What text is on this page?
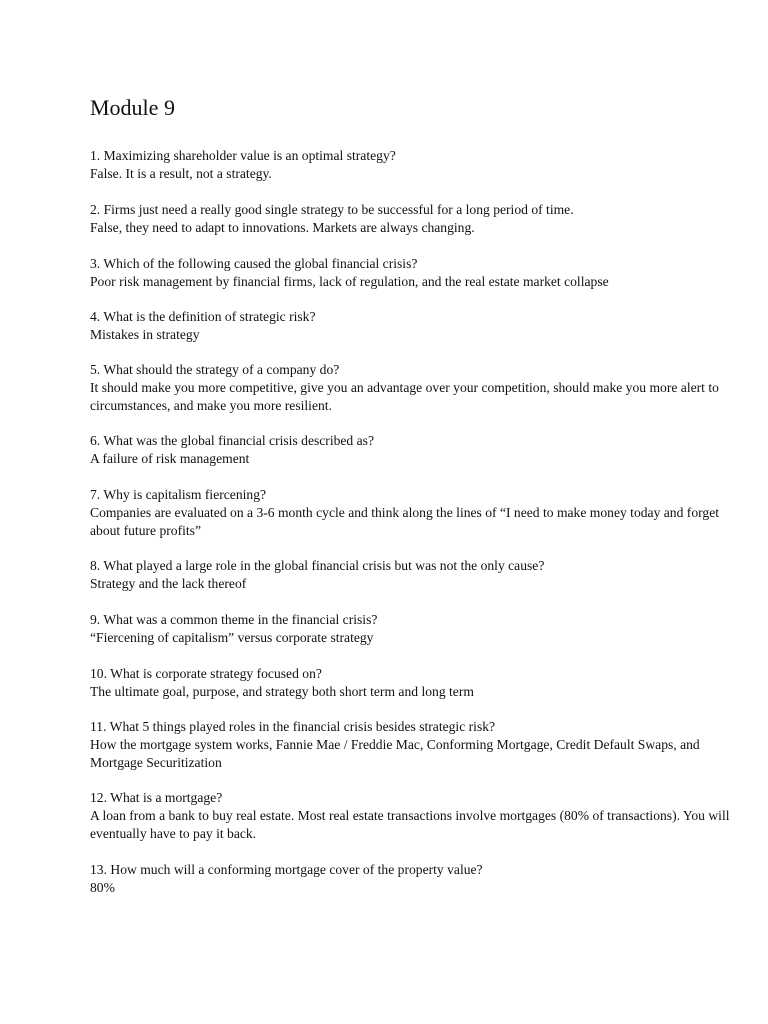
Module 9

1. Maximizing shareholder value is an optimal strategy?

False. It is a result, not a strategy.

2. Firms just need a really good single strategy to be successful for a long period of time.

False, they need to adapt to innovations. Markets are always changing.

3. Which of the following caused the global financial crisis?

Poor risk management by financial firms, lack of regulation, and the real estate market collapse

4. What is the definition of strategic risk?

Mistakes in strategy

5. What should the strategy of a company do?

It should make you more competitive, give you an advantage over your competition, should make you more alert to circumstances, and make you more resilient.

6. What was the global financial crisis described as?

A failure of risk management

7. Why is capitalism fiercening?

Companies are evaluated on a 3-6 month cycle and think along the lines of “I need to make money today and forget about future profits”

8. What played a large role in the global financial crisis but was not the only cause?

Strategy and the lack thereof

9. What was a common theme in the financial crisis?

“Fiercening of capitalism” versus corporate strategy

10. What is corporate strategy focused on?

The ultimate goal, purpose, and strategy both short term and long term

11. What 5 things played roles in the financial crisis besides strategic risk?

How the mortgage system works, Fannie Mae / Freddie Mac, Conforming Mortgage, Credit Default Swaps, and Mortgage Securitization

12. What is a mortgage?

A loan from a bank to buy real estate. Most real estate transactions involve mortgages (80% of transactions). You will eventually have to pay it back.

13. How much will a conforming mortgage cover of the property value?

80%
